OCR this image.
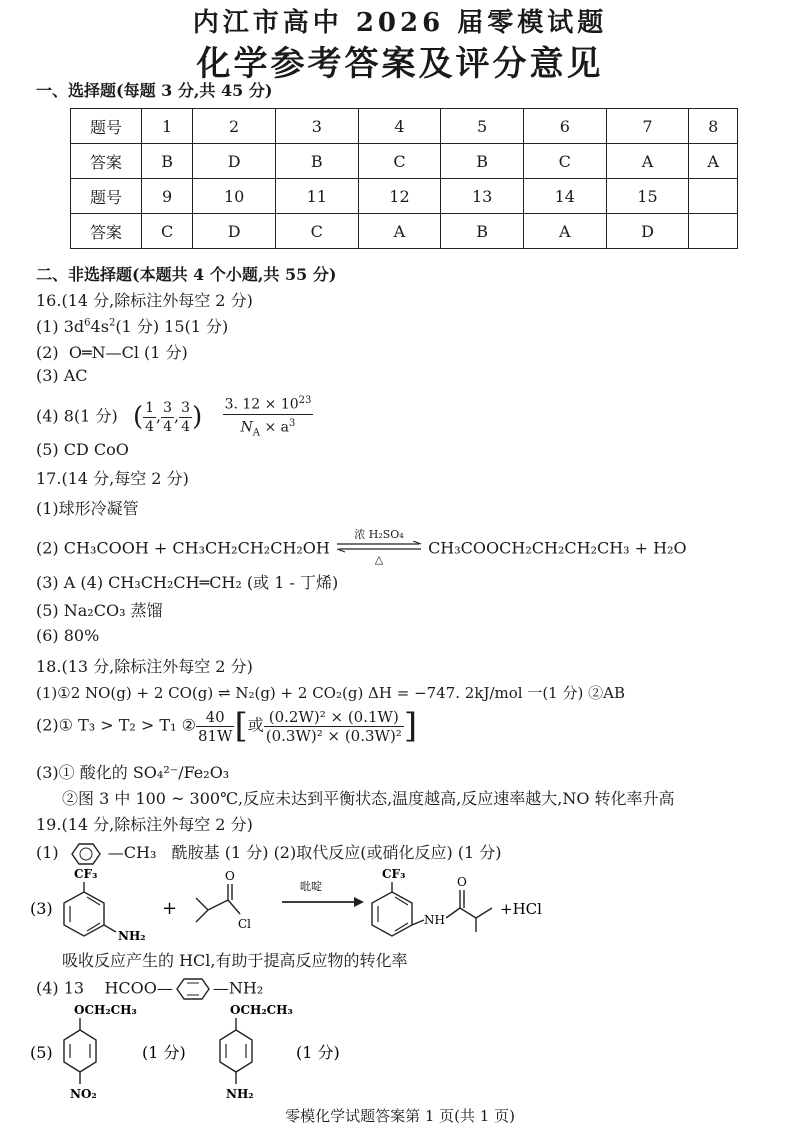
内江市高中 2026 届零模试题
化学参考答案及评分意见
一、选择题(每题 3 分,共 45 分)
题号	1	2	3	4	5	6	7	8
答案	B	D	B	C	B	C	A	A
题号	9	10	11	12	13	14	15	
答案	C	D	C	A	B	A	D	
二、非选择题(本题共 4 个小题,共 55 分)
16.(14 分,除标注外每空 2 分)
(1) $3d^64s^2(1$ 分) 15(1 分)
(2) O═N—Cl (1 分)
(3) AC
(4) 8(1 分) ( $\frac{1}{4}$ , $\frac{3}{4}$ , $\frac{3}{4}$ ) $\frac{3. 12 \times 10^{23}}{N_A \times a^3}$
(5) CD CoO
17.(14 分,每空 2 分)
(1)球形冷凝管
(2) CH₃COOH + CH₃CH₂CH₂CH₂OH
浓 H₂SO₄
△
CH₃COOCH₂CH₂CH₂CH₃ + H₂O
(3) A (4) CH₃CH₂CH═CH₂ (或 1 - 丁烯)
(5) Na₂CO₃ 蒸馏
(6) 80%
18.(13 分,除标注外每空 2 分)
(1)①2 NO(g) + 2 CO(g) ⇌ N₂(g) + 2 CO₂(g) ΔH = −747. 2kJ/mol 一(1 分) ②AB
(2)① T₃ > T₂ > T₁ ② $\frac{40}{81W}$ [或 $\frac{\text{(0.2W)² × (0.1W)}}{\text{(0.3W)² × (0.3W)²}}$ ]
(3)① 酸化的 SO₄²⁻/Fe₂O₃
②图 3 中 100 ~ 300℃,反应未达到平衡状态,温度越高,反应速率越大,NO 转化率升高
19.(14 分,除标注外每空 2 分)
(1)	—CH₃ 酰胺基 (1 分) (2)取代反应(或硝化反应) (1 分)
(3)
CF₃
NH₂
+
O
Cl
吡啶
CF₃
NH
O
+HCl
吸收反应产生的 HCl,有助于提高反应物的转化率
(4) 13 HCOO—	—NH₂
(5)
OCH₂CH₃
NO₂
(1 分)
OCH₂CH₃
NH₂
(1 分)
零模化学试题答案第 1 页(共 1 页)
